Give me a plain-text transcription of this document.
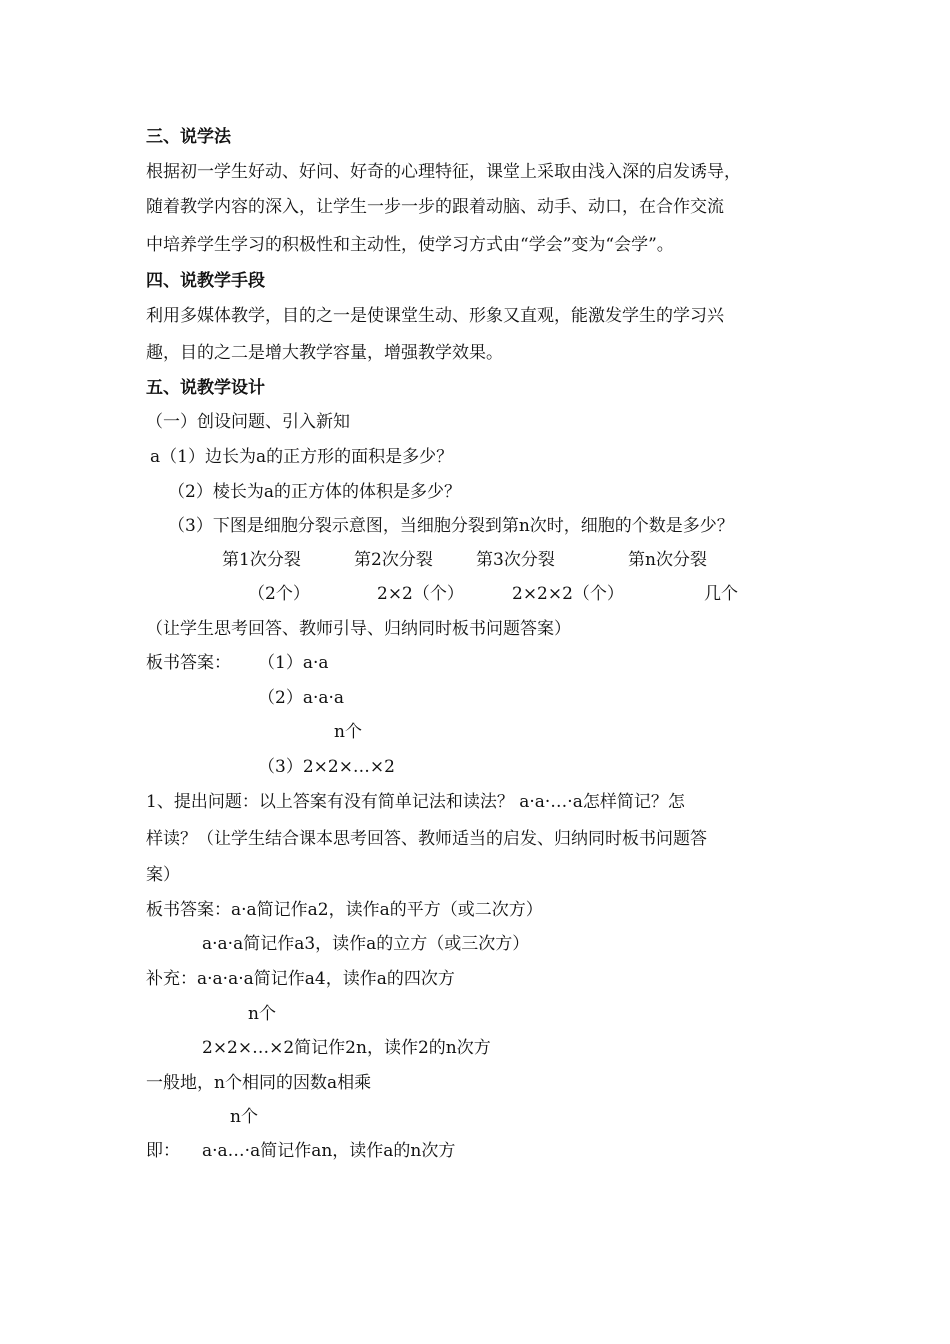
三、说学法
根据初一学生好动、好问、好奇的心理特征，课堂上采取由浅入深的启发诱导，
随着教学内容的深入，让学生一步一步的跟着动脑、动手、动口，在合作交流
中培养学生学习的积极性和主动性，使学习方式由“学会”变为“会学”。
四、说教学手段
利用多媒体教学，目的之一是使课堂生动、形象又直观，能激发学生的学习兴
趣，目的之二是增大教学容量，增强教学效果。
五、说教学设计
（一）创设问题、引入新知
a（1）边长为a的正方形的面积是多少？
（2）棱长为a的正方体的体积是多少？
（3）下图是细胞分裂示意图，当细胞分裂到第n次时，细胞的个数是多少？
第1次分裂	第2次分裂	第3次分裂	第n次分裂
（2个）	2×2（个）	2×2×2（个）	几个
（让学生思考回答、教师引导、归纳同时板书问题答案）
板书答案： （1）a·a
（2）a·a·a
n个
（3）2×2×…×2
1、提出问题：以上答案有没有简单记法和读法？ a·a·…·a怎样简记？怎
样读？（让学生结合课本思考回答、教师适当的启发、归纳同时板书问题答
案）
板书答案：a·a简记作a2，读作a的平方（或二次方）
a·a·a简记作a3，读作a的立方（或三次方）
补充：a·a·a·a简记作a4，读作a的四次方
n个
2×2×…×2简记作2n，读作2的n次方
一般地，n个相同的因数a相乘
n个
即： a·a…·a简记作an，读作a的n次方
